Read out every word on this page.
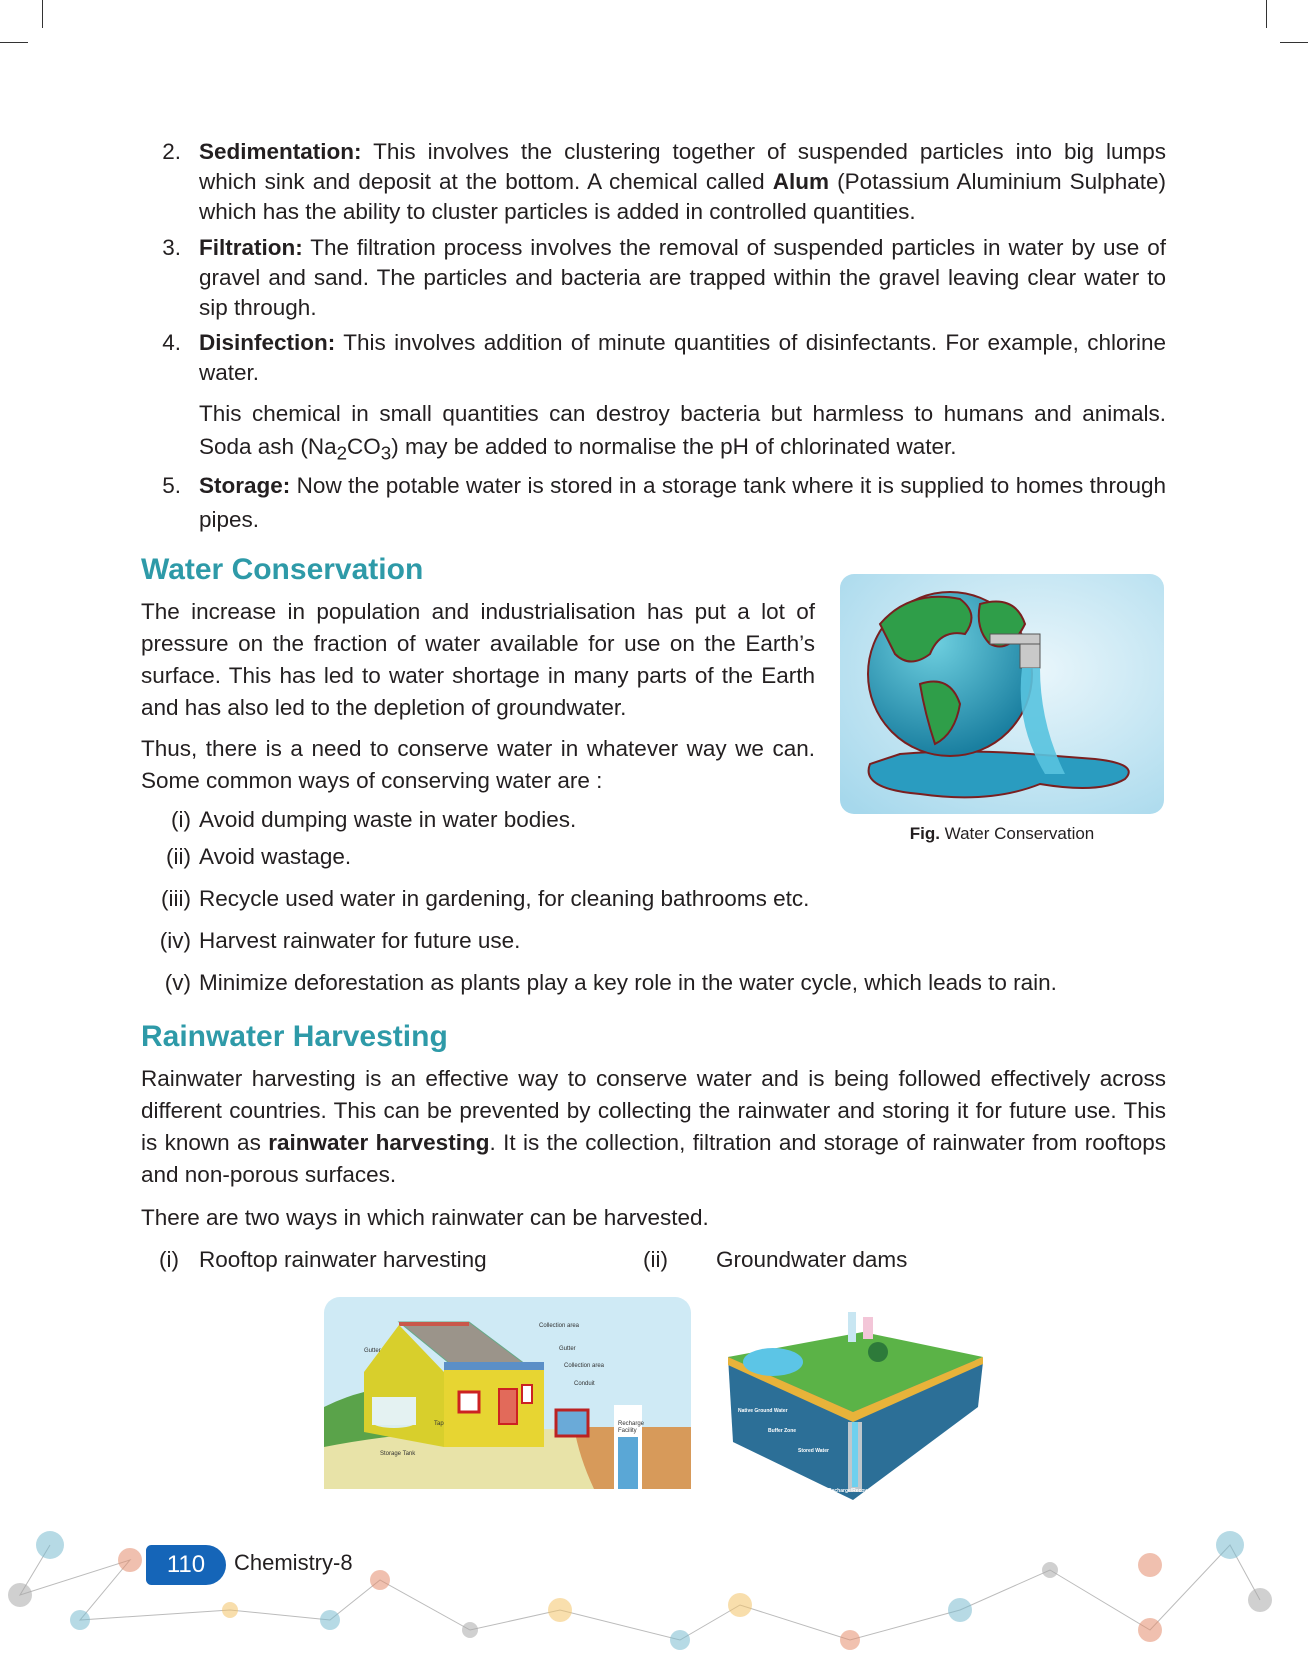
2. Sedimentation: This involves the clustering together of suspended particles into big lumps which sink and deposit at the bottom. A chemical called Alum (Potassium Aluminium Sulphate) which has the ability to cluster particles is added in controlled quantities.
3. Filtration: The filtration process involves the removal of suspended particles in water by use of gravel and sand. The particles and bacteria are trapped within the gravel leaving clear water to sip through.
4. Disinfection: This involves addition of minute quantities of disinfectants. For example, chlorine water.
This chemical in small quantities can destroy bacteria but harmless to humans and animals. Soda ash $(Na_2CO_3)$ may be added to normalise the pH of chlorinated water.
5. Storage: Now the potable water is stored in a storage tank where it is supplied to homes through pipes.
Water Conservation
The increase in population and industrialisation has put a lot of pressure on the fraction of water available for use on the Earth’s surface. This has led to water shortage in many parts of the Earth and has also led to the depletion of groundwater.
Thus, there is a need to conserve water in whatever way we can. Some common ways of conserving water are :
Fig. Water Conservation
(i) Avoid dumping waste in water bodies.
(ii) Avoid wastage.
(iii) Recycle used water in gardening, for cleaning bathrooms etc.
(iv) Harvest rainwater for future use.
(v) Minimize deforestation as plants play a key role in the water cycle, which leads to rain.
Rainwater Harvesting
Rainwater harvesting is an effective way to conserve water and is being followed effectively across different countries. This can be prevented by collecting the rainwater and storing it for future use. This is known as rainwater harvesting. It is the collection, filtration and storage of rainwater from rooftops and non-porous surfaces.
There are two ways in which rainwater can be harvested.
(i) Rooftop rainwater harvesting	(ii) Groundwater dams
Collection area
Gutter	Gutter
Collection area
Conduit
Tap
Storage Tank
Recharge
Facility
Native Ground Water
Buffer Zone
Stored Water
Recharge/Recovery
110	Chemistry-8
